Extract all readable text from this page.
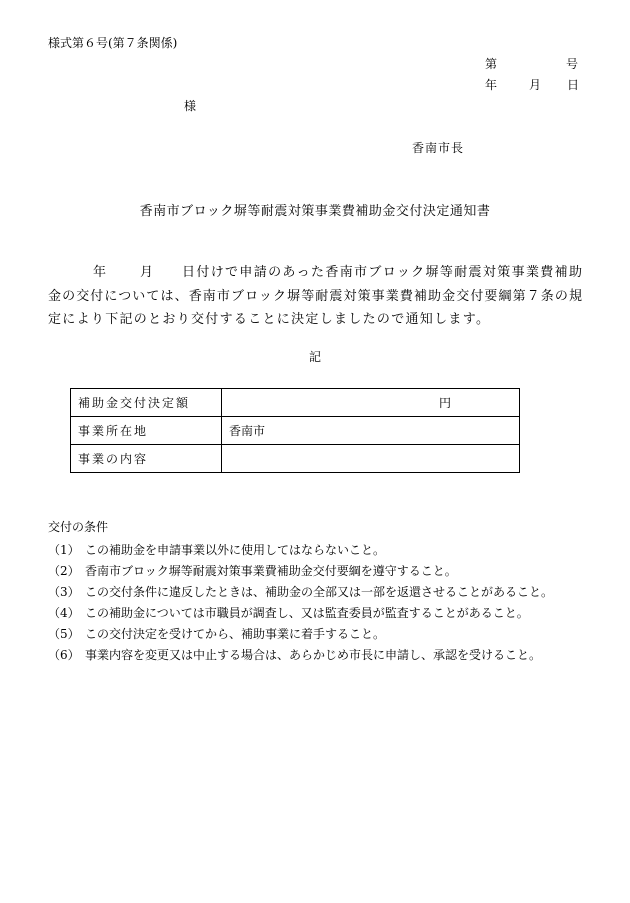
様式第６号(第７条関係)
第	号
年	月 日
様
香南市長
香南市ブロック塀等耐震対策事業費補助金交付決定通知書
年	月 日付けで申請のあった香南市ブロック塀等耐震対策事業費補助
金の交付については、香南市ブロック塀等耐震対策事業費補助金交付要綱第７条の規
定により下記のとおり交付することに決定しましたので通知します。
記
補助金交付決定額	円
事業所在地	香南市
事業の内容	
交付の条件
（1） この補助金を申請事業以外に使用してはならないこと。
（2） 香南市ブロック塀等耐震対策事業費補助金交付要綱を遵守すること。
（3） この交付条件に違反したときは、補助金の全部又は一部を返還させることがあること。
（4） この補助金については市職員が調査し、又は監査委員が監査することがあること。
（5） この交付決定を受けてから、補助事業に着手すること。
（6） 事業内容を変更又は中止する場合は、あらかじめ市長に申請し、承認を受けること。
